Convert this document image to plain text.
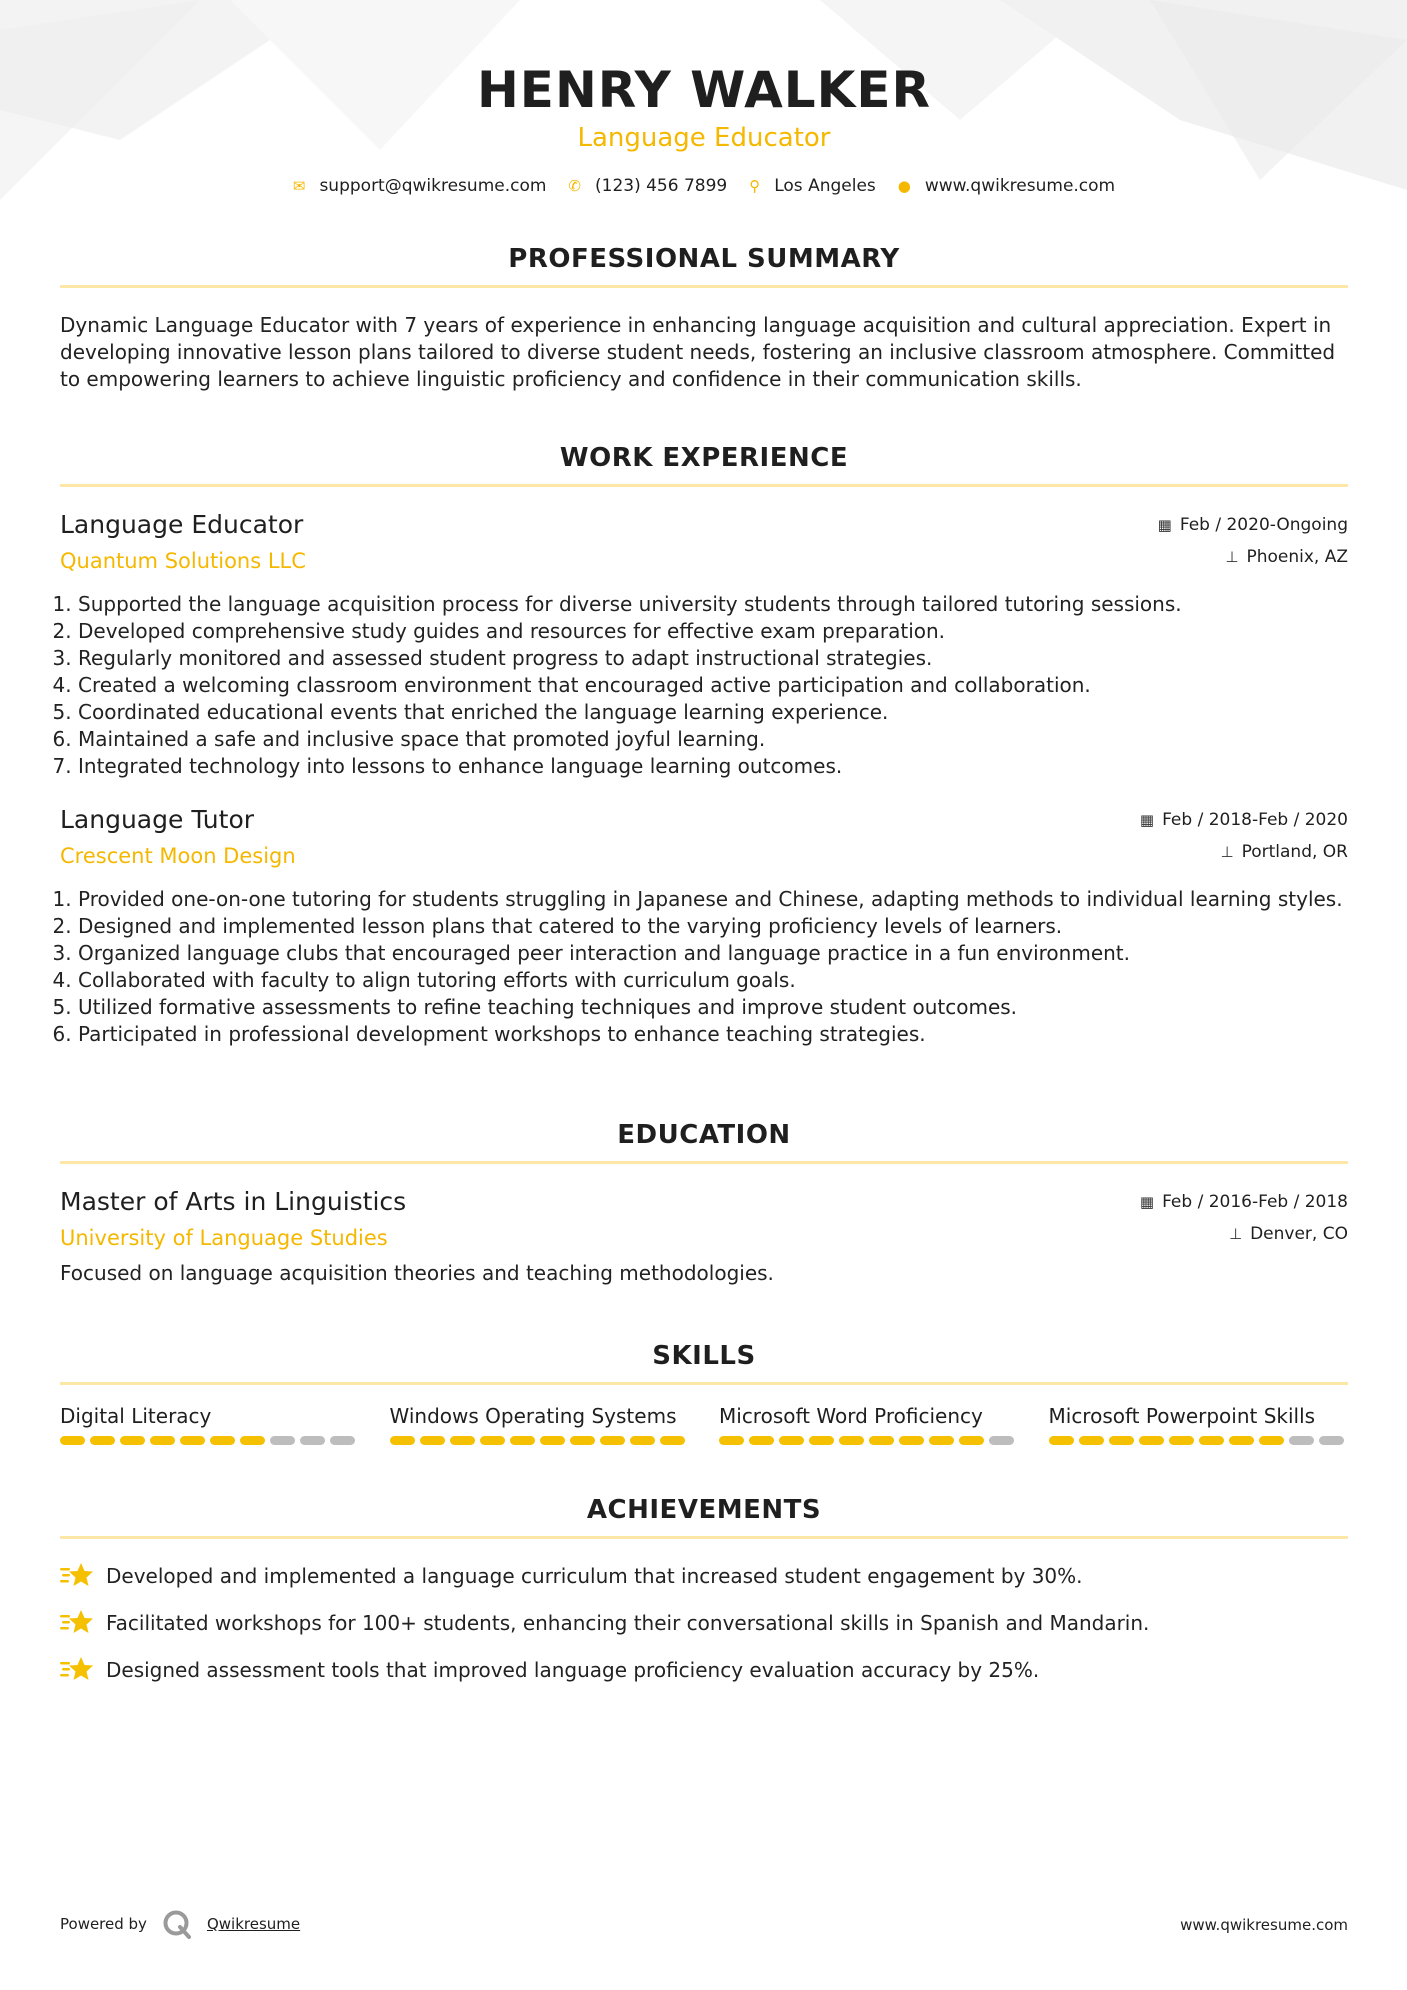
HENRY WALKER
Language Educator
✉ support@qwikresume.com ✆ (123) 456 7899 ⚲ Los Angeles ● www.qwikresume.com
PROFESSIONAL SUMMARY
Dynamic Language Educator with 7 years of experience in enhancing language acquisition and cultural appreciation. Expert in developing innovative lesson plans tailored to diverse student needs, fostering an inclusive classroom atmosphere. Committed to empowering learners to achieve linguistic proficiency and confidence in their communication skills.
WORK EXPERIENCE
Language Educator
Quantum Solutions LLC
▦ Feb / 2020-Ongoing
⊥ Phoenix, AZ
1. Supported the language acquisition process for diverse university students through tailored tutoring sessions.
2. Developed comprehensive study guides and resources for effective exam preparation.
3. Regularly monitored and assessed student progress to adapt instructional strategies.
4. Created a welcoming classroom environment that encouraged active participation and collaboration.
5. Coordinated educational events that enriched the language learning experience.
6. Maintained a safe and inclusive space that promoted joyful learning.
7. Integrated technology into lessons to enhance language learning outcomes.
Language Tutor
Crescent Moon Design
▦ Feb / 2018-Feb / 2020
⊥ Portland, OR
1. Provided one-on-one tutoring for students struggling in Japanese and Chinese, adapting methods to individual learning styles.
2. Designed and implemented lesson plans that catered to the varying proficiency levels of learners.
3. Organized language clubs that encouraged peer interaction and language practice in a fun environment.
4. Collaborated with faculty to align tutoring efforts with curriculum goals.
5. Utilized formative assessments to refine teaching techniques and improve student outcomes.
6. Participated in professional development workshops to enhance teaching strategies.
EDUCATION
Master of Arts in Linguistics
University of Language Studies
▦ Feb / 2016-Feb / 2018
⊥ Denver, CO
Focused on language acquisition theories and teaching methodologies.
SKILLS
Digital Literacy	Windows Operating Systems	Microsoft Word Proficiency	Microsoft Powerpoint Skills
ACHIEVEMENTS
Developed and implemented a language curriculum that increased student engagement by 30%.
Facilitated workshops for 100+ students, enhancing their conversational skills in Spanish and Mandarin.
Designed assessment tools that improved language proficiency evaluation accuracy by 25%.
Powered by	Qwikresume	www.qwikresume.com
